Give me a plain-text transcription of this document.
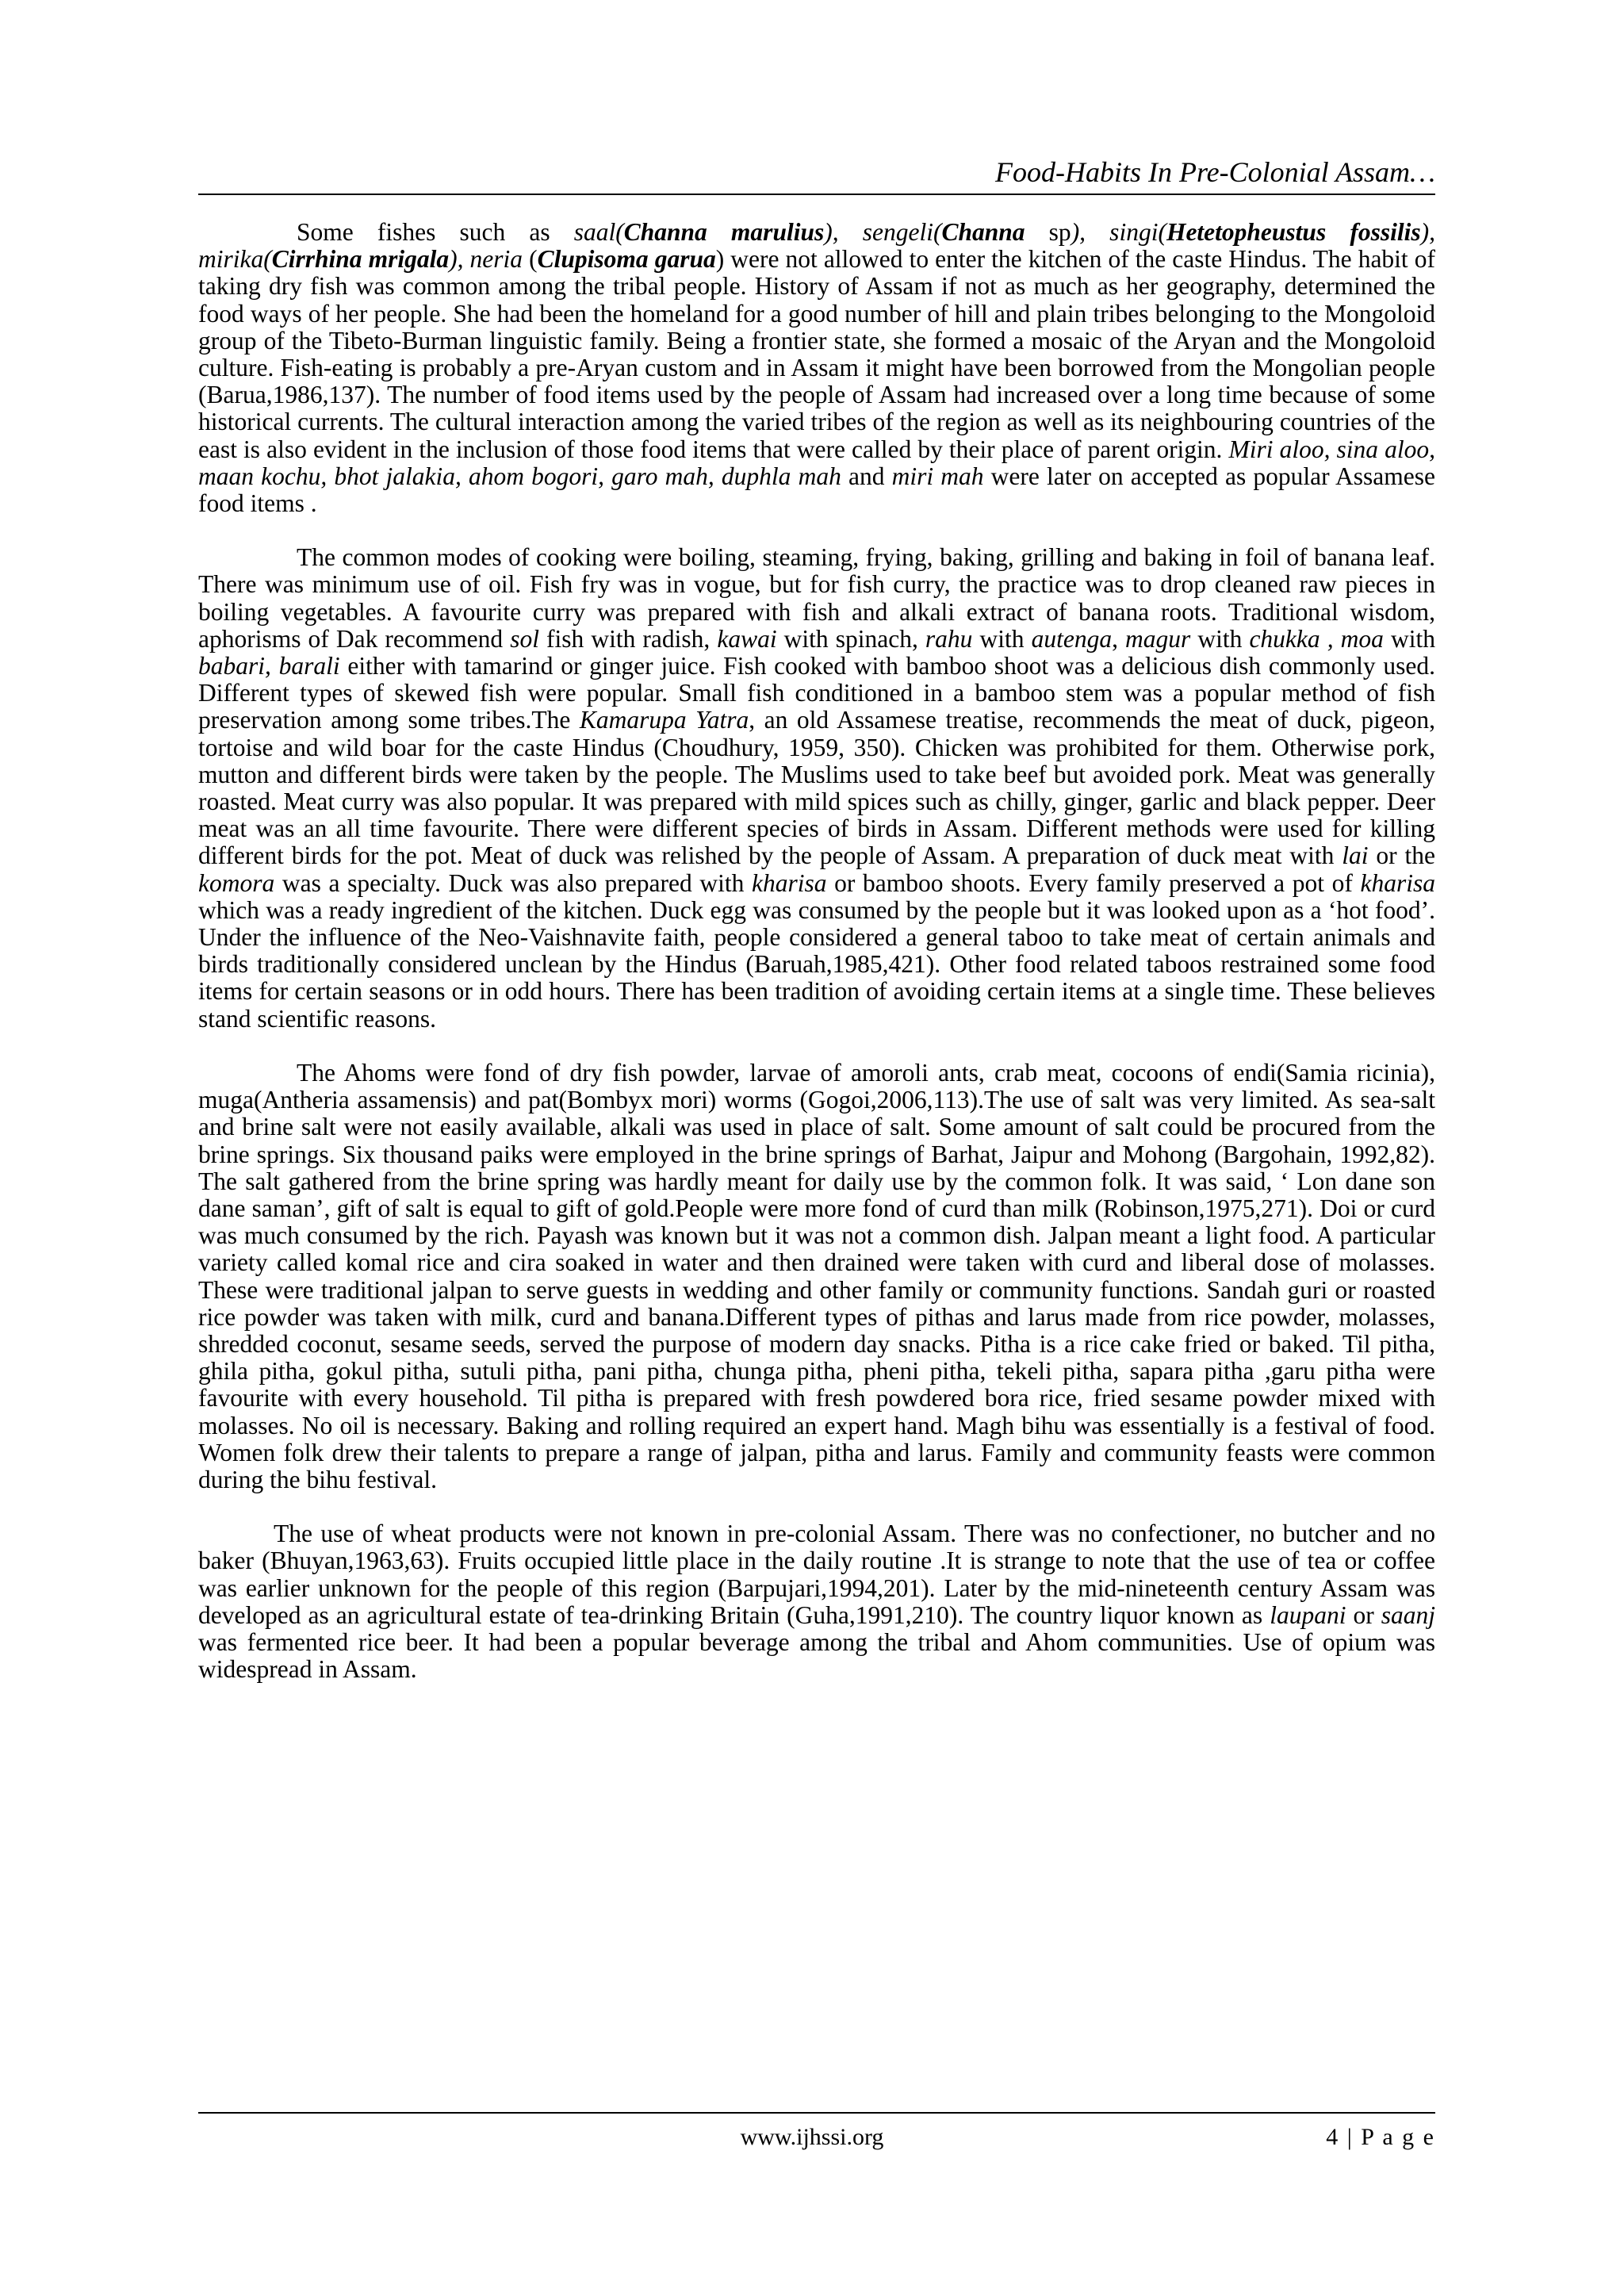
Food-Habits In Pre-Colonial Assam…

Some fishes such as saal(Channa marulius), sengeli(Channa sp), singi(Hetetopheustus fossilis), mirika(Cirrhina mrigala), neria (Clupisoma garua) were not allowed to enter the kitchen of the caste Hindus. The habit of taking dry fish was common among the tribal people. History of Assam if not as much as her geography, determined the food ways of her people. She had been the homeland for a good number of hill and plain tribes belonging to the Mongoloid group of the Tibeto-Burman linguistic family. Being a frontier state, she formed a mosaic of the Aryan and the Mongoloid culture. Fish-eating is probably a pre-Aryan custom and in Assam it might have been borrowed from the Mongolian people (Barua,1986,137). The number of food items used by the people of Assam had increased over a long time because of some historical currents. The cultural interaction among the varied tribes of the region as well as its neighbouring countries of the east is also evident in the inclusion of those food items that were called by their place of parent origin. Miri aloo, sina aloo, maan kochu, bhot jalakia, ahom bogori, garo mah, duphla mah and miri mah were later on accepted as popular Assamese food items .

The common modes of cooking were boiling, steaming, frying, baking, grilling and baking in foil of banana leaf. There was minimum use of oil. Fish fry was in vogue, but for fish curry, the practice was to drop cleaned raw pieces in boiling vegetables. A favourite curry was prepared with fish and alkali extract of banana roots. Traditional wisdom, aphorisms of Dak recommend sol fish with radish, kawai with spinach, rahu with autenga, magur with chukka , moa with babari, barali either with tamarind or ginger juice. Fish cooked with bamboo shoot was a delicious dish commonly used. Different types of skewed fish were popular. Small fish conditioned in a bamboo stem was a popular method of fish preservation among some tribes.The Kamarupa Yatra, an old Assamese treatise, recommends the meat of duck, pigeon, tortoise and wild boar for the caste Hindus (Choudhury, 1959, 350). Chicken was prohibited for them. Otherwise pork, mutton and different birds were taken by the people. The Muslims used to take beef but avoided pork. Meat was generally roasted. Meat curry was also popular. It was prepared with mild spices such as chilly, ginger, garlic and black pepper. Deer meat was an all time favourite. There were different species of birds in Assam. Different methods were used for killing different birds for the pot. Meat of duck was relished by the people of Assam. A preparation of duck meat with lai or the komora was a specialty. Duck was also prepared with kharisa or bamboo shoots. Every family preserved a pot of kharisa which was a ready ingredient of the kitchen. Duck egg was consumed by the people but it was looked upon as a ‘hot food’. Under the influence of the Neo-Vaishnavite faith, people considered a general taboo to take meat of certain animals and birds traditionally considered unclean by the Hindus (Baruah,1985,421). Other food related taboos restrained some food items for certain seasons or in odd hours. There has been tradition of avoiding certain items at a single time. These believes stand scientific reasons.

The Ahoms were fond of dry fish powder, larvae of amoroli ants, crab meat, cocoons of endi(Samia ricinia), muga(Antheria assamensis) and pat(Bombyx mori) worms (Gogoi,2006,113).The use of salt was very limited. As sea-salt and brine salt were not easily available, alkali was used in place of salt. Some amount of salt could be procured from the brine springs. Six thousand paiks were employed in the brine springs of Barhat, Jaipur and Mohong (Bargohain, 1992,82). The salt gathered from the brine spring was hardly meant for daily use by the common folk. It was said, ‘ Lon dane son dane saman’, gift of salt is equal to gift of gold.People were more fond of curd than milk (Robinson,1975,271). Doi or curd was much consumed by the rich. Payash was known but it was not a common dish. Jalpan meant a light food. A particular variety called komal rice and cira soaked in water and then drained were taken with curd and liberal dose of molasses. These were traditional jalpan to serve guests in wedding and other family or community functions. Sandah guri or roasted rice powder was taken with milk, curd and banana.Different types of pithas and larus made from rice powder, molasses, shredded coconut, sesame seeds, served the purpose of modern day snacks. Pitha is a rice cake fried or baked. Til pitha, ghila pitha, gokul pitha, sutuli pitha, pani pitha, chunga pitha, pheni pitha, tekeli pitha, sapara pitha ,garu pitha were favourite with every household. Til pitha is prepared with fresh powdered bora rice, fried sesame powder mixed with molasses. No oil is necessary. Baking and rolling required an expert hand. Magh bihu was essentially is a festival of food. Women folk drew their talents to prepare a range of jalpan, pitha and larus. Family and community feasts were common during the bihu festival.

The use of wheat products were not known in pre-colonial Assam. There was no confectioner, no butcher and no baker (Bhuyan,1963,63). Fruits occupied little place in the daily routine .It is strange to note that the use of tea or coffee was earlier unknown for the people of this region (Barpujari,1994,201). Later by the mid-nineteenth century Assam was developed as an agricultural estate of tea-drinking Britain (Guha,1991,210). The country liquor known as laupani or saanj was fermented rice beer. It had been a popular beverage among the tribal and Ahom communities. Use of opium was widespread in Assam.

www.ijhssi.org	4 | P a g e
